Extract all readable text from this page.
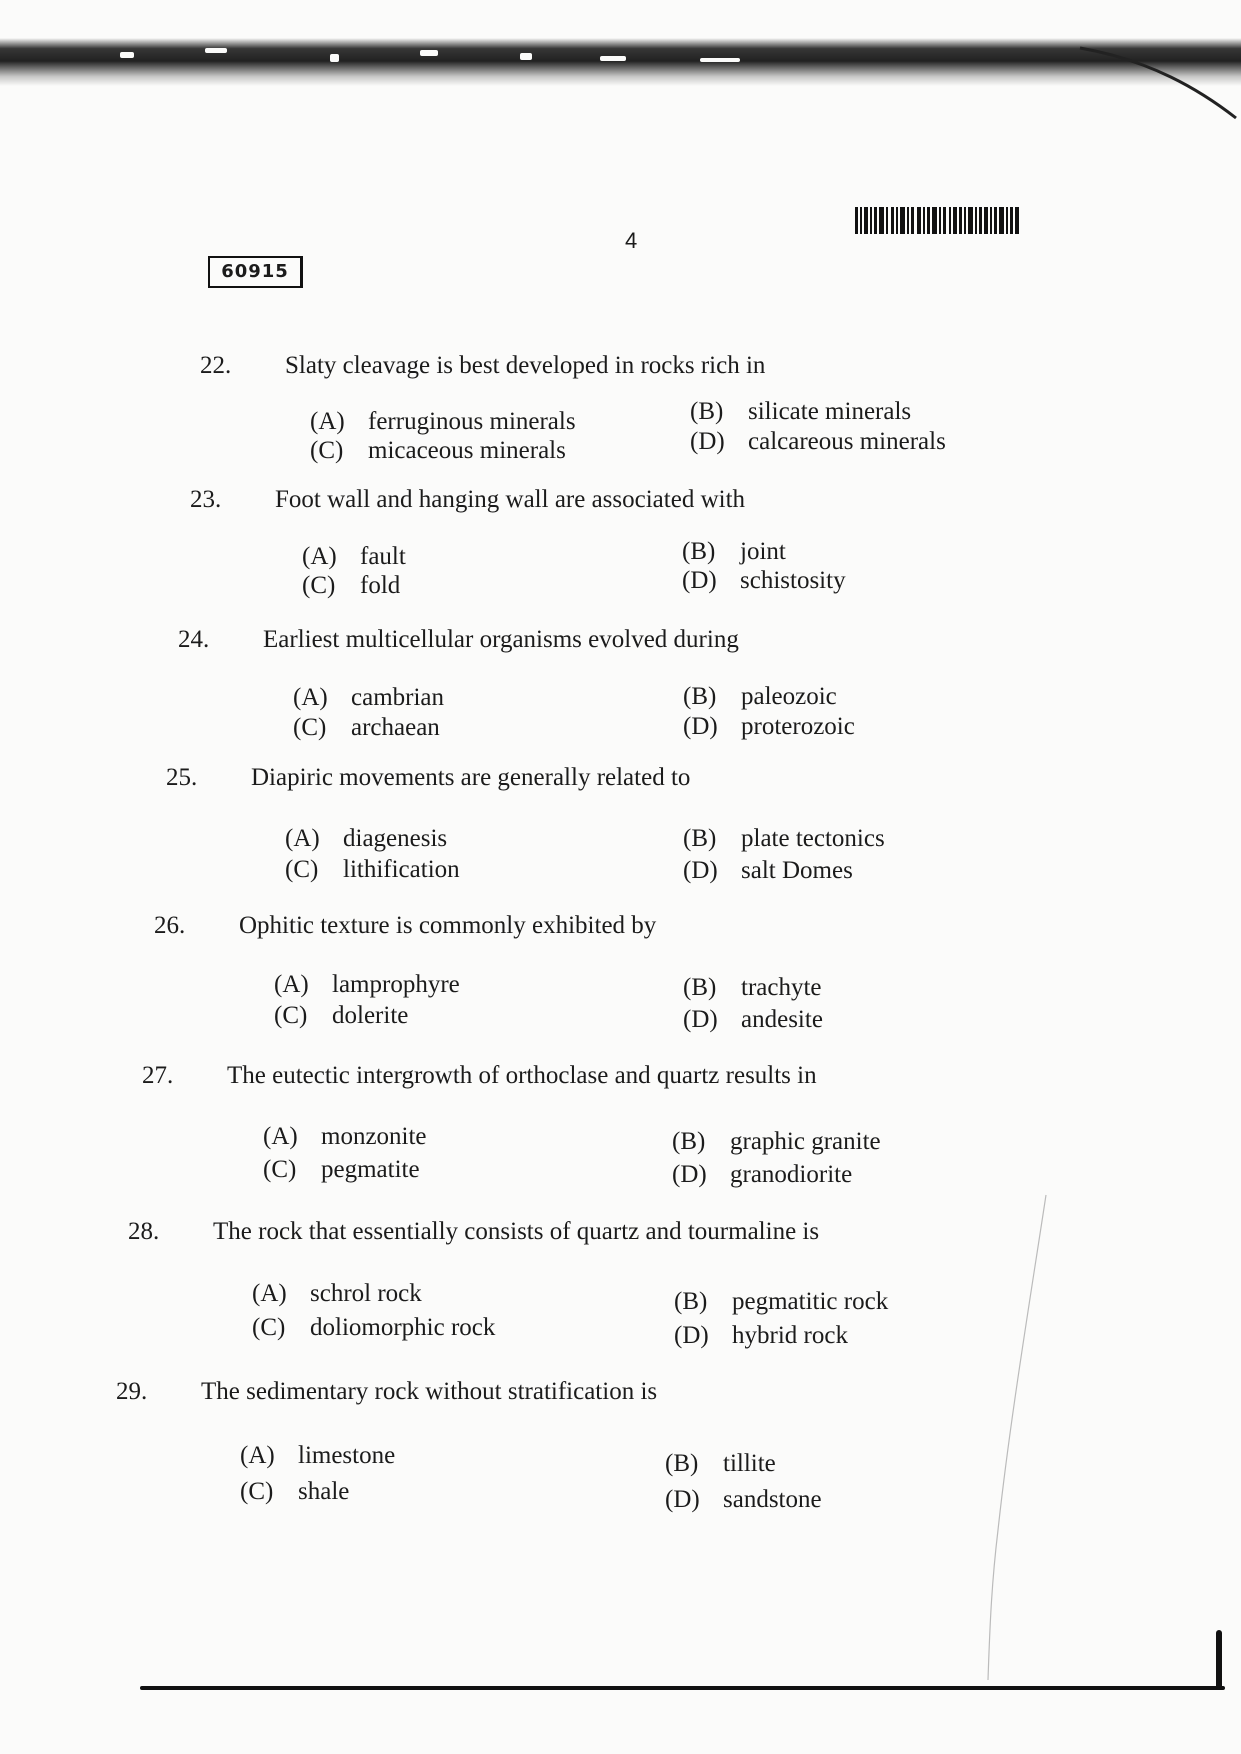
4
60915
22. Slaty cleavage is best developed in rocks rich in
(A) ferruginous minerals	(B) silicate minerals
(C) micaceous minerals	(D) calcareous minerals
23. Foot wall and hanging wall are associated with
(A) fault	(B) joint
(C) fold	(D) schistosity
24. Earliest multicellular organisms evolved during
(A) cambrian	(B) paleozoic
(C) archaean	(D) proterozoic
25. Diapiric movements are generally related to
(A) diagenesis	(B) plate tectonics
(C) lithification	(D) salt Domes
26. Ophitic texture is commonly exhibited by
(A) lamprophyre	(B) trachyte
(C) dolerite	(D) andesite
27. The eutectic intergrowth of orthoclase and quartz results in
(A) monzonite	(B) graphic granite
(C) pegmatite	(D) granodiorite
28. The rock that essentially consists of quartz and tourmaline is
(A) schrol rock	(B) pegmatitic rock
(C) doliomorphic rock	(D) hybrid rock
29. The sedimentary rock without stratification is
(A) limestone	(B) tillite
(C) shale	(D) sandstone
